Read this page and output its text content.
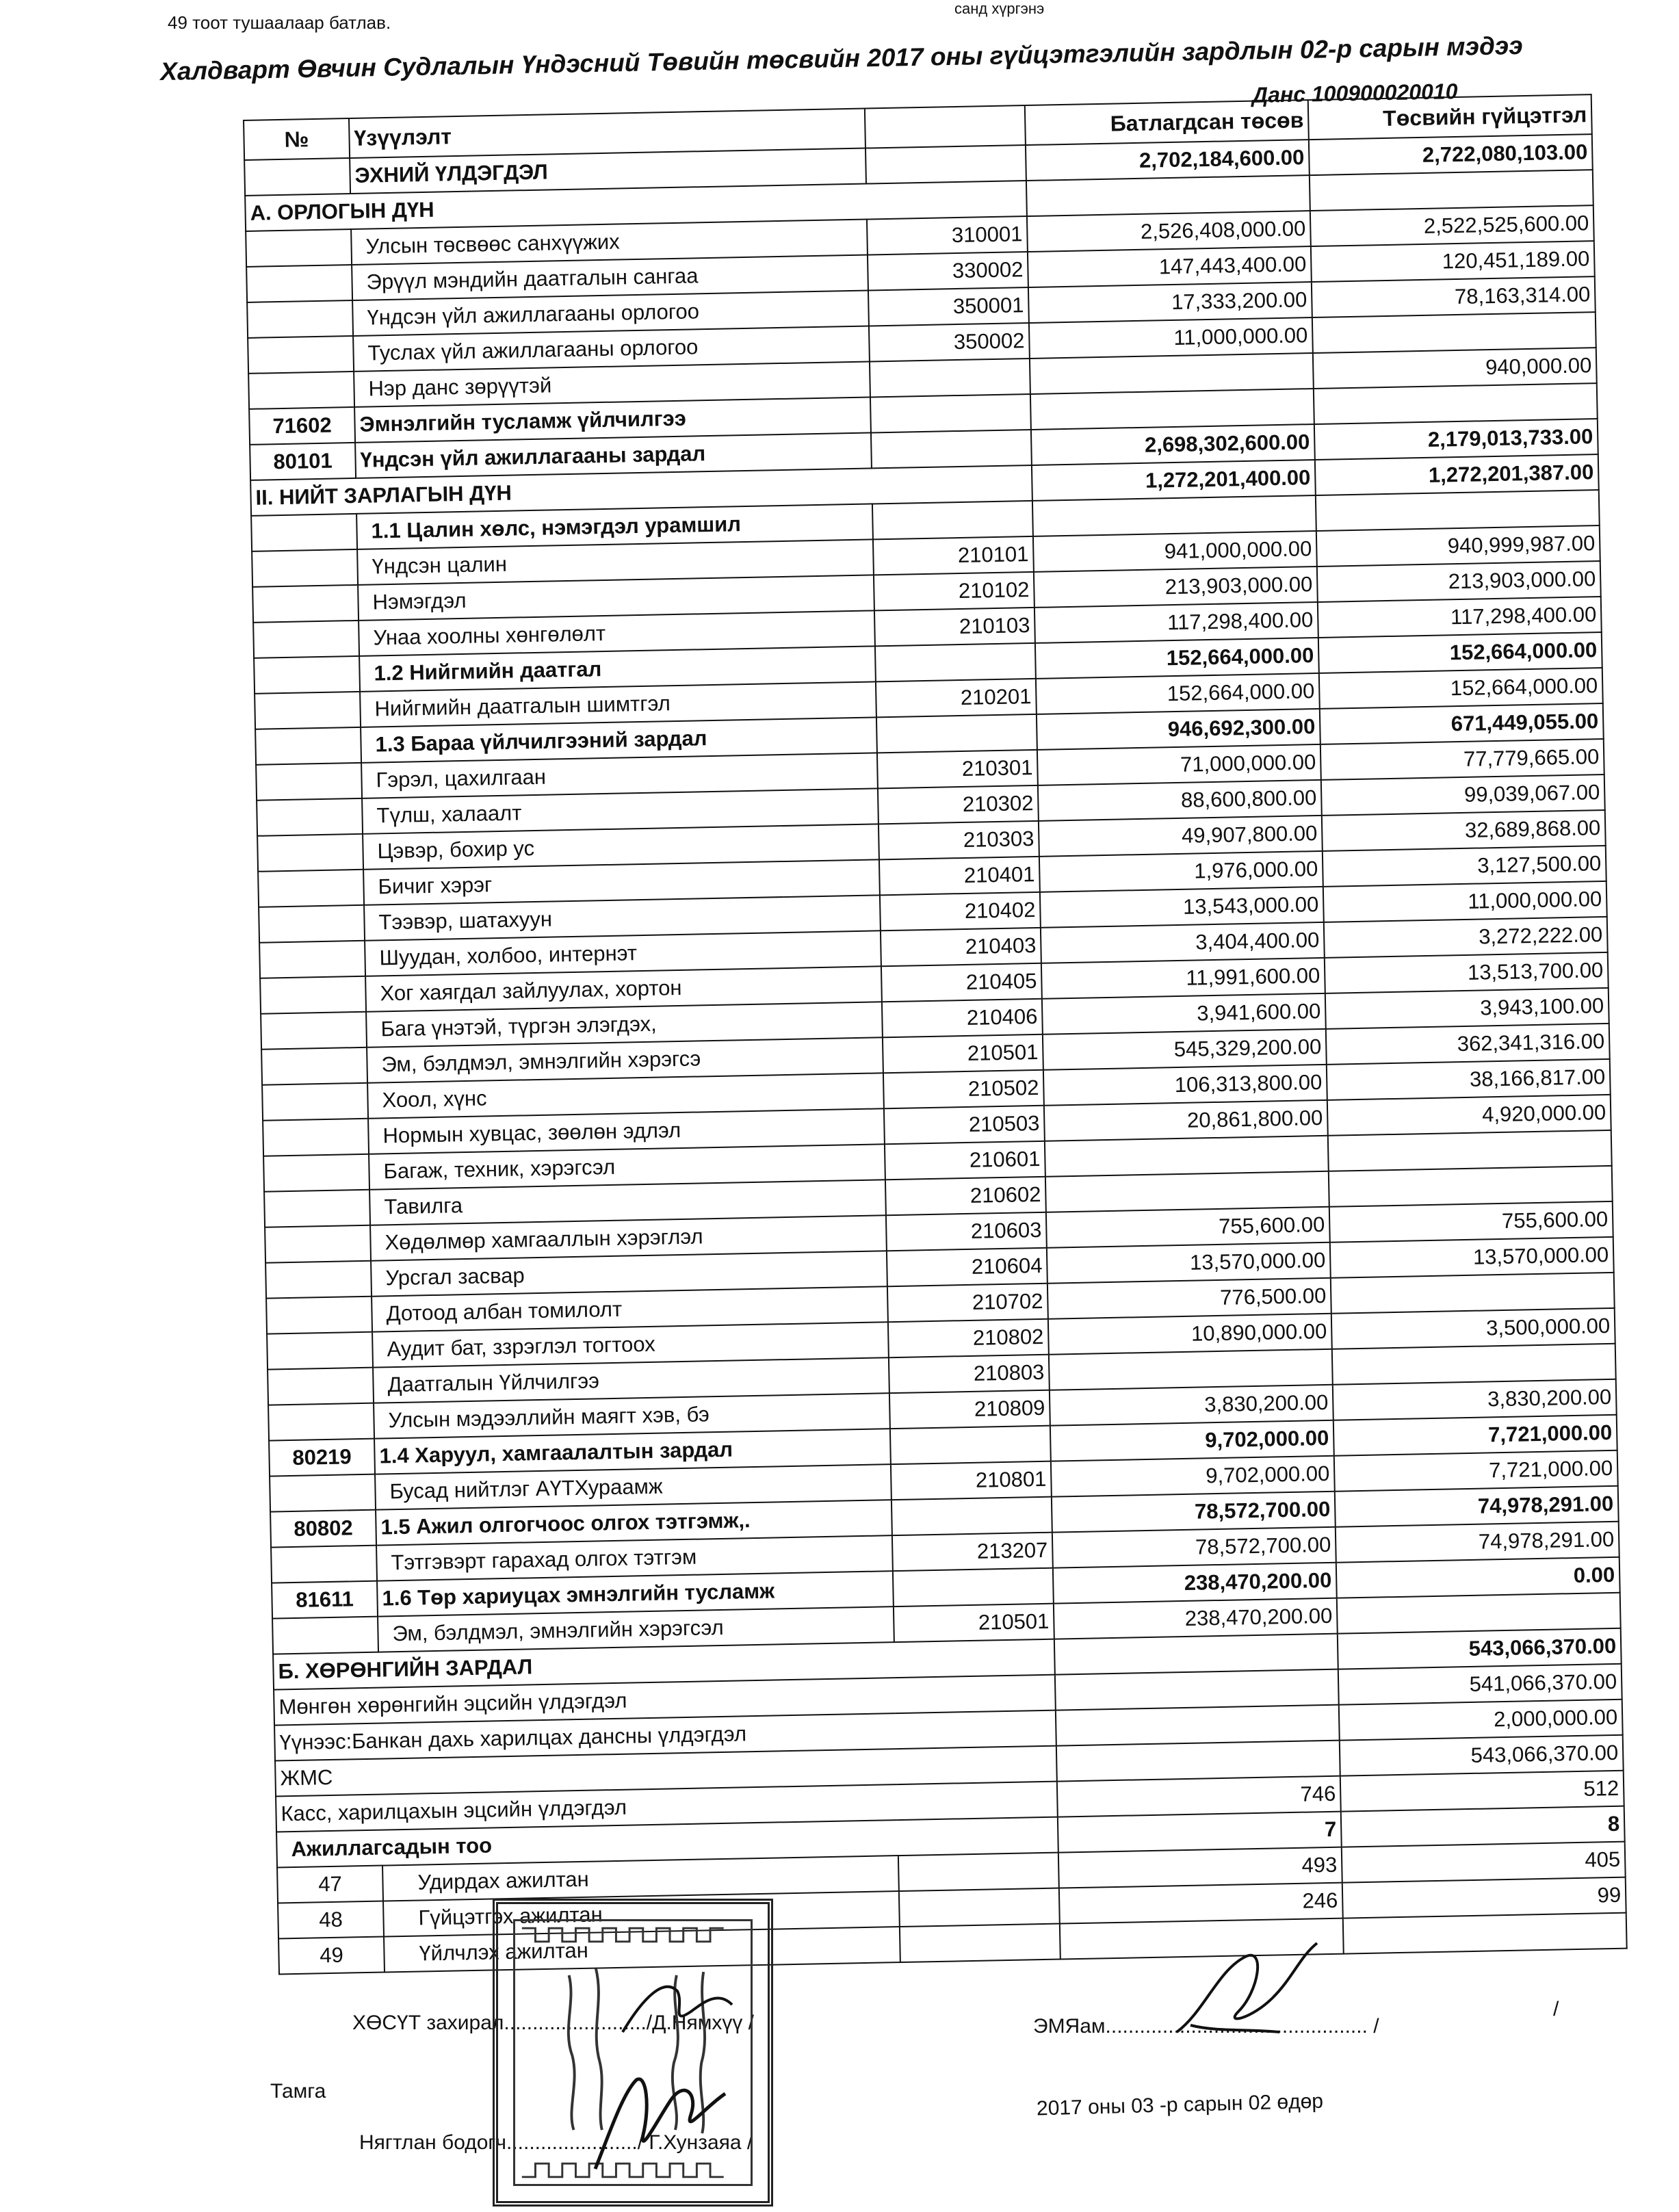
49 тоот тушаалаар батлав.
санд хүргэнэ
Халдварт Өвчин Судлалын Үндэсний Төвийн төсвийн 2017 оны гүйцэтгэлийн зардлын 02-р сарын мэдээ
Данс 100900020010
№	Үзүүлэлт		Батлагдсан төсөв	Төсвийн гүйцэтгэл
	ЭХНИЙ ҮЛДЭГДЭЛ		2,702,184,600.00	2,722,080,103.00
А. ОРЛОГЫН ДҮН				
	Улсын төсвөөс санхүүжих	310001	2,526,408,000.00	2,522,525,600.00
	Эрүүл мэндийн даатгалын сангаа	330002	147,443,400.00	120,451,189.00
	Үндсэн үйл ажиллагааны орлогоо	350001	17,333,200.00	78,163,314.00
	Туслах үйл ажиллагааны орлогоо	350002	11,000,000.00	
	Нэр данс зөрүүтэй			940,000.00
71602	Эмнэлгийн тусламж үйлчилгээ			
80101	Үндсэн үйл ажиллагааны зардал		2,698,302,600.00	2,179,013,733.00
II. НИЙТ ЗАРЛАГЫН ДҮН			1,272,201,400.00	1,272,201,387.00
	1.1 Цалин хөлс, нэмэгдэл урамшил			
	Үндсэн цалин	210101	941,000,000.00	940,999,987.00
	Нэмэгдэл	210102	213,903,000.00	213,903,000.00
	Унаа хоолны хөнгөлөлт	210103	117,298,400.00	117,298,400.00
	1.2 Нийгмийн даатгал		152,664,000.00	152,664,000.00
	Нийгмийн даатгалын шимтгэл	210201	152,664,000.00	152,664,000.00
	1.3 Бараа үйлчилгээний зардал		946,692,300.00	671,449,055.00
	Гэрэл, цахилгаан	210301	71,000,000.00	77,779,665.00
	Түлш, халаалт	210302	88,600,800.00	99,039,067.00
	Цэвэр, бохир ус	210303	49,907,800.00	32,689,868.00
	Бичиг хэрэг	210401	1,976,000.00	3,127,500.00
	Тээвэр, шатахуун	210402	13,543,000.00	11,000,000.00
	Шуудан, холбоо, интернэт	210403	3,404,400.00	3,272,222.00
	Хог хаягдал зайлуулах, хортон	210405	11,991,600.00	13,513,700.00
	Бага үнэтэй, түргэн элэгдэх,	210406	3,941,600.00	3,943,100.00
	Эм, бэлдмэл, эмнэлгийн хэрэгсэ	210501	545,329,200.00	362,341,316.00
	Хоол, хүнс	210502	106,313,800.00	38,166,817.00
	Нормын хувцас, зөөлөн эдлэл	210503	20,861,800.00	4,920,000.00
	Багаж, техник, хэрэгсэл	210601		
	Тавилга	210602		
	Хөдөлмөр хамгааллын хэрэглэл	210603	755,600.00	755,600.00
	Урсгал засвар	210604	13,570,000.00	13,570,000.00
	Дотоод албан томилолт	210702	776,500.00	
	Аудит бат, ззрэглэл тогтоох	210802	10,890,000.00	3,500,000.00
	Даатгалын Үйлчилгээ	210803		
	Улсын мэдээллийн маягт хэв, бэ	210809	3,830,200.00	3,830,200.00
80219	1.4 Харуул, хамгаалалтын зардал		9,702,000.00	7,721,000.00
	Бусад нийтлэг АҮТХураамж	210801	9,702,000.00	7,721,000.00
80802	1.5 Ажил олгогчоос олгох тэтгэмж,.		78,572,700.00	74,978,291.00
	Тэтгэвэрт гарахад олгох тэтгэм	213207	78,572,700.00	74,978,291.00
81611	1.6 Төр хариуцах эмнэлгийн тусламж		238,470,200.00	0.00
	Эм, бэлдмэл, эмнэлгийн хэрэгсэл	210501	238,470,200.00	
Б. ХӨРӨНГИЙН ЗАРДАЛ				543,066,370.00
Мөнгөн хөрөнгийн эцсийн үлдэгдэл				541,066,370.00
Үүнээс:Банкан дахь харилцах дансны үлдэгдэл				2,000,000.00
ЖМС				543,066,370.00
Касс, харилцахын эцсийн үлдэгдэл			746	512
Ажиллагсадын тоо			7	8
47	Удирдах ажилтан		493	405
48	Гүйцэтгэх ажилтан		246	99
49	Үйлчлэх ажилтан			
ХӨСҮТ захирал........................./Д.Нямхүү /	ЭМЯам.............................................. /
/
Тамга
Нягтлан бодогч......................./ Г.Хунзаяа /
2017 оны 03 -р сарын 02 өдөр
